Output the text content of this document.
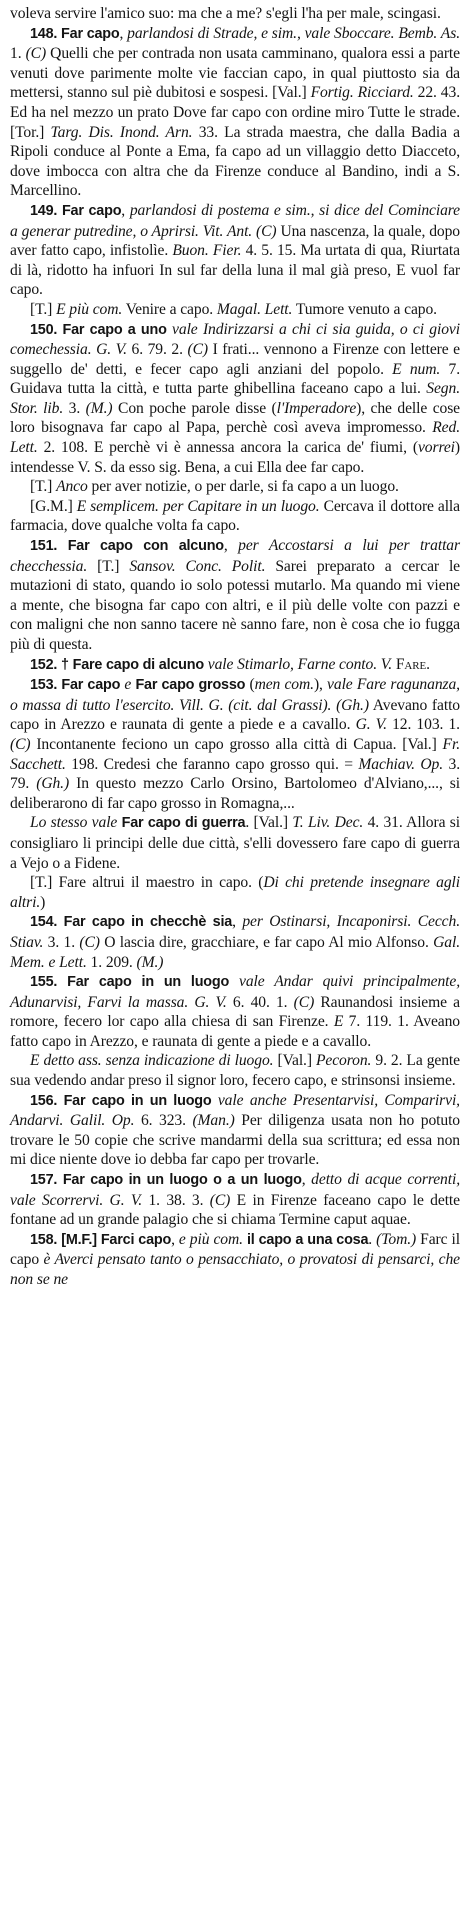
voleva servire l'amico suo: ma che a me? s'egli l'ha per male, scingasi.

148. Far capo, parlandosi di Strade, e sim., vale Sboccare. Bemb. As. 1. (C) Quelli che per contrada non usata camminano, qualora essi a parte venuti dove parimente molte vie faccian capo, in qual piuttosto sia da mettersi, stanno sul piè dubitosi e sospesi. [Val.] Fortig. Ricciard. 22. 43. Ed ha nel mezzo un prato Dove far capo con ordine miro Tutte le strade. [Tor.] Targ. Dis. Inond. Arn. 33. La strada maestra, che dalla Badia a Ripoli conduce al Ponte a Ema, fa capo ad un villaggio detto Diacceto, dove imbocca con altra che da Firenze conduce al Bandino, indi a S. Marcellino.

149. Far capo, parlandosi di postema e sim., si dice del Cominciare a generar putredine, o Aprirsi. Vit. Ant. (C) Una nascenza, la quale, dopo aver fatto capo, infistolìe. Buon. Fier. 4. 5. 15. Ma urtata di qua, Riurtata di là, ridotto ha infuori In sul far della luna il mal già preso, E vuol far capo.

[T.] E più com. Venire a capo. Magal. Lett. Tumore venuto a capo.

150. Far capo a uno vale Indirizzarsi a chi ci sia guida, o ci giovi comechessia. G. V. 6. 79. 2. (C) I frati... vennono a Firenze con lettere e suggello de' detti, e fecer capo agli anziani del popolo. E num. 7. Guidava tutta la città, e tutta parte ghibellina faceano capo a lui. Segn. Stor. lib. 3. (M.) Con poche parole disse (l'Imperadore), che delle cose loro bisognava far capo al Papa, perchè così aveva impromesso. Red. Lett. 2. 108. E perchè vi è annessa ancora la carica de' fiumi, (vorrei) intendesse V. S. da esso sig. Bena, a cui Ella dee far capo.

[T.] Anco per aver notizie, o per darle, si fa capo a un luogo.

[G.M.] E semplicem. per Capitare in un luogo. Cercava il dottore alla farmacia, dove qualche volta fa capo.

151. Far capo con alcuno, per Accostarsi a lui per trattar checchessia. [T.] Sansov. Conc. Polit. Sarei preparato a cercar le mutazioni di stato, quando io solo potessi mutarlo. Ma quando mi viene a mente, che bisogna far capo con altri, e il più delle volte con pazzi e con maligni che non sanno tacere nè sanno fare, non è cosa che io fugga più di questa.

152. † Fare capo di alcuno vale Stimarlo, Farne conto. V. Fare.

153. Far capo e Far capo grosso (men com.), vale Fare ragunanza, o massa di tutto l'esercito. Vill. G. (cit. dal Grassi). (Gh.) Avevano fatto capo in Arezzo e raunata di gente a piede e a cavallo. G. V. 12. 103. 1. (C) Incontanente feciono un capo grosso alla città di Capua. [Val.] Fr. Sacchett. 198. Credesi che faranno capo grosso qui. = Machiav. Op. 3. 79. (Gh.) In questo mezzo Carlo Orsino, Bartolomeo d'Alviano,..., si deliberarono di far capo grosso in Romagna,...

Lo stesso vale Far capo di guerra. [Val.] T. Liv. Dec. 4. 31. Allora si consigliaro li principi delle due città, s'elli dovessero fare capo di guerra a Vejo o a Fidene.

[T.] Fare altrui il maestro in capo. (Di chi pretende insegnare agli altri.)

154. Far capo in checchè sia, per Ostinarsi, Incaponirsi. Cecch. Stiav. 3. 1. (C) O lascia dire, gracchiare, e far capo Al mio Alfonso. Gal. Mem. e Lett. 1. 209. (M.)

155. Far capo in un luogo vale Andar quivi principalmente, Adunarvisi, Farvi la massa. G. V. 6. 40. 1. (C) Raunandosi insieme a romore, fecero lor capo alla chiesa di san Firenze. E 7. 119. 1. Aveano fatto capo in Arezzo, e raunata di gente a piede e a cavallo.

E detto ass. senza indicazione di luogo. [Val.] Pecoron. 9. 2. La gente sua vedendo andar preso il signor loro, fecero capo, e strinsonsi insieme.

156. Far capo in un luogo vale anche Presentarvisi, Comparirvi, Andarvi. Galil. Op. 6. 323. (Man.) Per diligenza usata non ho potuto trovare le 50 copie che scrive mandarmi della sua scrittura; ed essa non mi dice niente dove io debba far capo per trovarle.

157. Far capo in un luogo o a un luogo, detto di acque correnti, vale Scorrervi. G. V. 1. 38. 3. (C) E in Firenze faceano capo le dette fontane ad un grande palagio che si chiama Termine caput aquae.

158. [M.F.] Farci capo, e più com. il capo a una cosa. (Tom.) Farc il capo è Averci pensato tanto o pensacchiato, o provatosi di pensarci, che non se ne
